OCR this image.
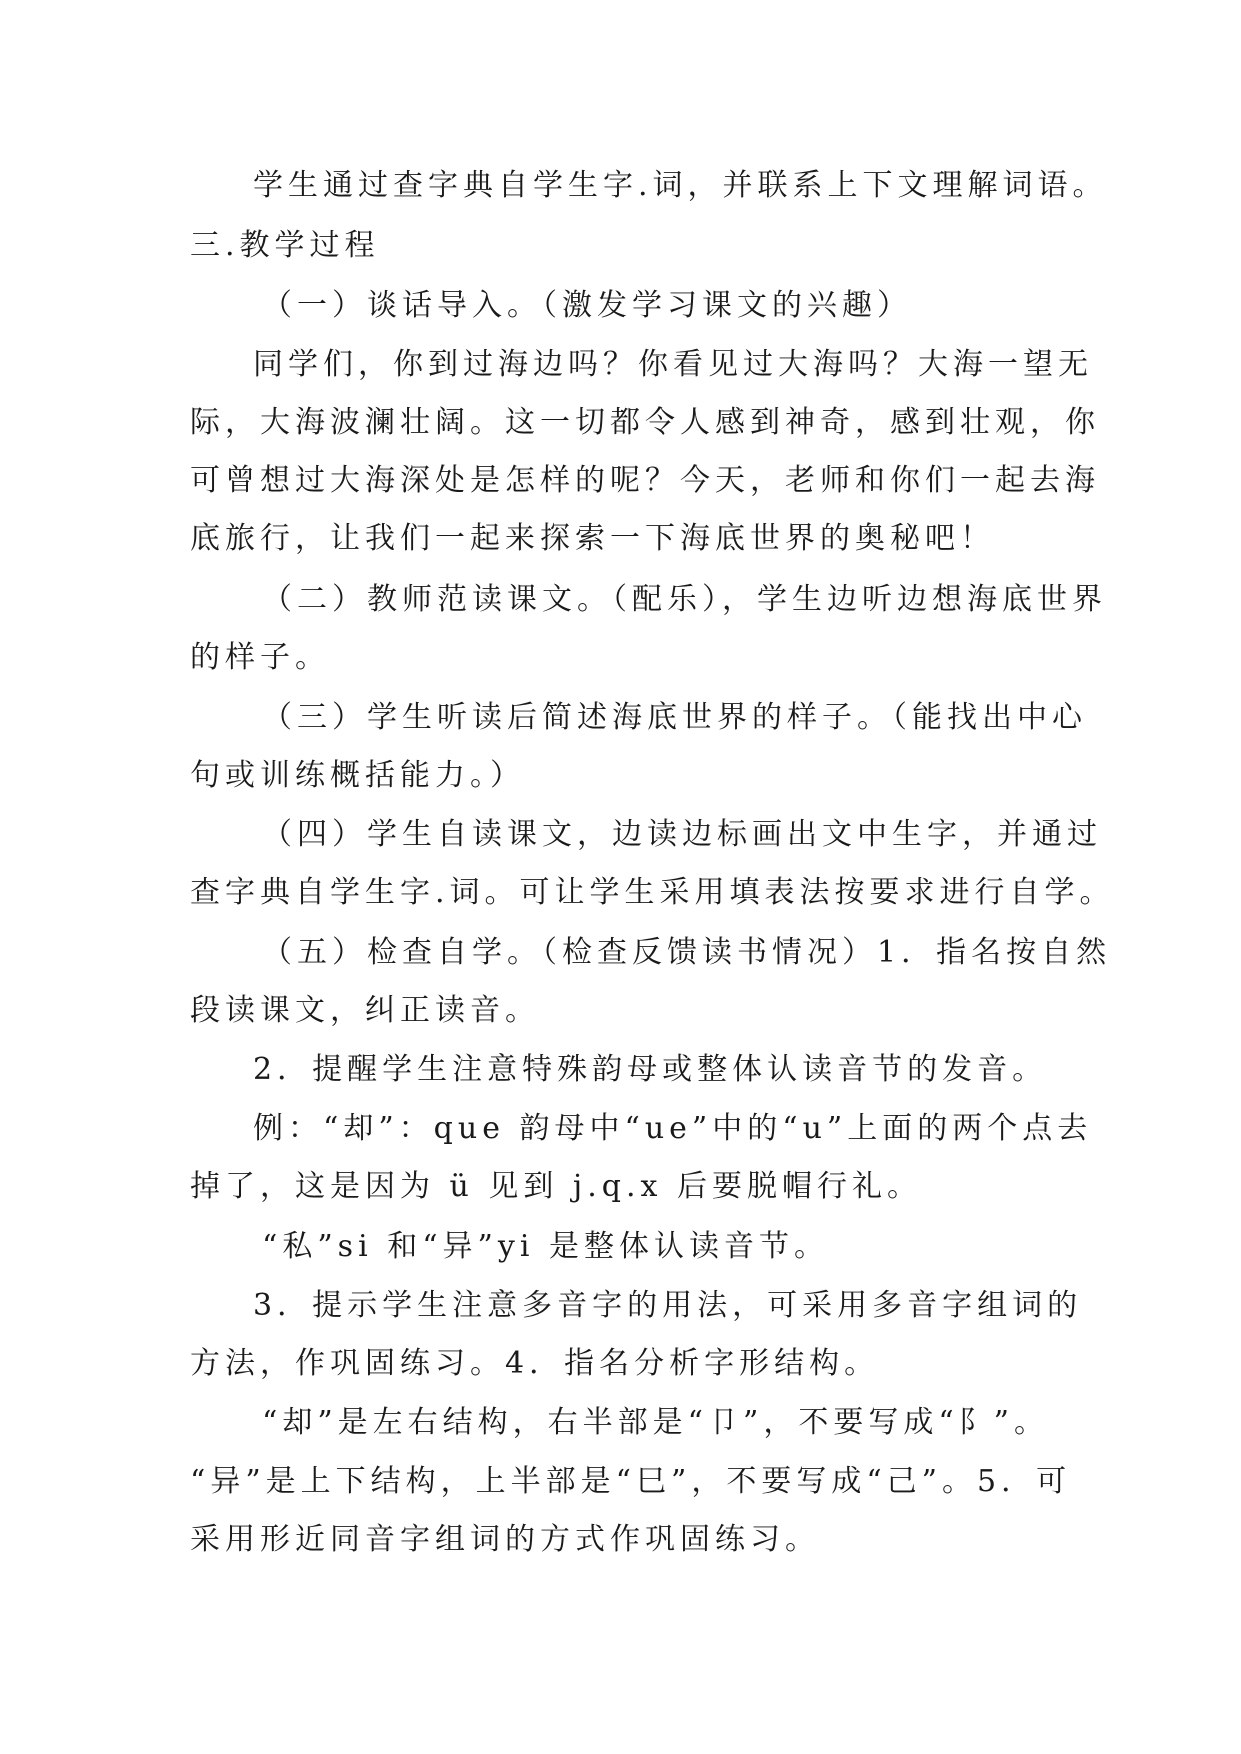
学生通过查字典自学生字.词，并联系上下文理解词语。
三.教学过程
（一）谈话导入。（激发学习课文的兴趣）
同学们，你到过海边吗？你看见过大海吗？大海一望无
际，大海波澜壮阔。这一切都令人感到神奇，感到壮观，你
可曾想过大海深处是怎样的呢？今天，老师和你们一起去海
底旅行，让我们一起来探索一下海底世界的奥秘吧！
（二）教师范读课文。（配乐），学生边听边想海底世界
的样子。
（三）学生听读后简述海底世界的样子。（能找出中心
句或训练概括能力。）
（四）学生自读课文，边读边标画出文中生字，并通过
查字典自学生字.词。可让学生采用填表法按要求进行自学。
（五）检查自学。（检查反馈读书情况）1．指名按自然
段读课文，纠正读音。
2．提醒学生注意特殊韵母或整体认读音节的发音。
例：“却”：que 韵母中“ue”中的“u”上面的两个点去
掉了，这是因为 ü 见到 j.q.x 后要脱帽行礼。
“私”si 和“异”yi 是整体认读音节。
3．提示学生注意多音字的用法，可采用多音字组词的
方法，作巩固练习。4．指名分析字形结构。
“却”是左右结构，右半部是“卩”，不要写成“阝”。
“异”是上下结构，上半部是“巳”，不要写成“己”。5．可
采用形近同音字组词的方式作巩固练习。
